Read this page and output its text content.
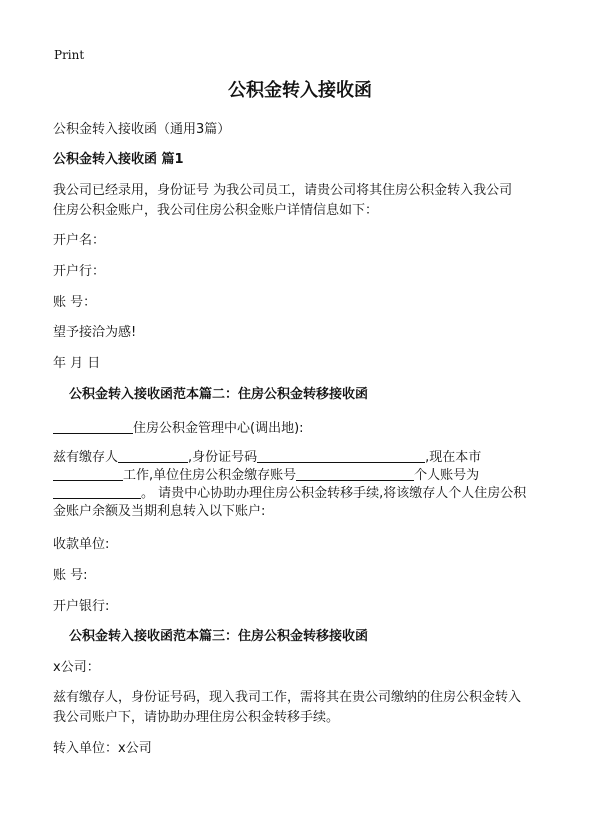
Print
公积金转入接收函
公积金转入接收函（通用3篇）
公积金转入接收函 篇1
我公司已经录用，身份证号 为我公司员工，请贵公司将其住房公积金转入我公司
住房公积金账户，我公司住房公积金账户详情信息如下：
开户名：
开户行：
账 号：
望予接洽为感!
年 月 日
公积金转入接收函范本篇二：住房公积金转移接收函
住房公积金管理中心(调出地):
兹有缴存人	,身份证号码	,现在本市
工作,单位住房公积金缴存账号	个人账号为
。 请贵中心协助办理住房公积金转移手续,将该缴存人个人住房公积
金账户余额及当期利息转入以下账户:
收款单位:
账 号:
开户银行:
公积金转入接收函范本篇三：住房公积金转移接收函
x公司：
兹有缴存人，身份证号码，现入我司工作，需将其在贵公司缴纳的住房公积金转入
我公司账户下，请协助办理住房公积金转移手续。
转入单位：x公司
